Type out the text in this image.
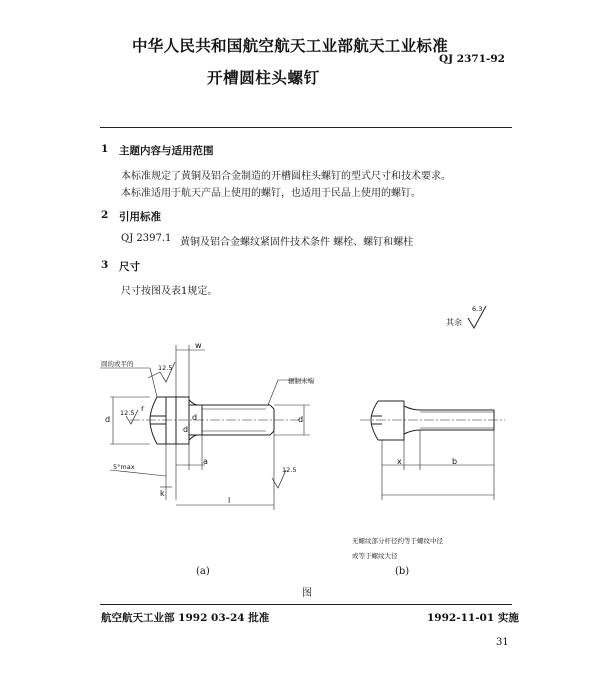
中华人民共和国航空航天工业部航天工业标准
QJ 2371-92
开槽圆柱头螺钉
1 主题内容与适用范围
本标准规定了黄铜及铝合金制造的开槽圆柱头螺钉的型式尺寸和技术要求。
本标准适用于航天产品上使用的螺钉，也适用于民品上使用的螺钉。
2 引用标准
QJ 2397.1 黄铜及铝合金螺纹紧固件技术条件 螺栓、螺钉和螺柱
3 尺寸
尺寸按图及表1规定。
其余
6.3
圆的或平的
w
12.5
12.5
d
r
d
d
d
辗制末端
a
5°max
k
l
12.5
x	b
无螺纹部分杆径约等于螺纹中径
或等于螺纹大径
(a)	(b)
图
航空航天工业部 1992 03-24 批准	1992-11-01 实施
31
